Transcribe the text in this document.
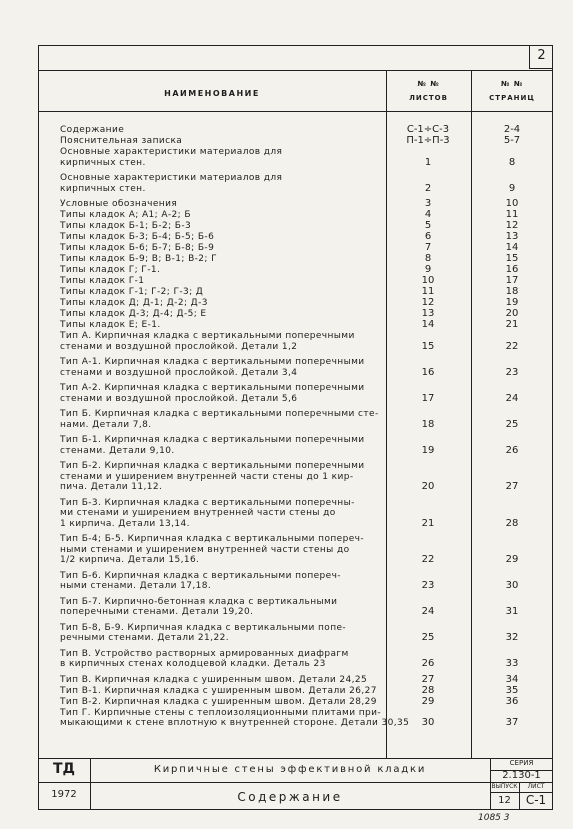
2
НАИМЕНОВАНИЕ
№ №
ЛИСТОВ
№ №
СТРАНИЦ
Содержание	С-1÷С-3	2-4
Пояснительная записка	П-1÷П-3	5-7
Основные характеристики материалов для
кирпичных стен.	1	8
Основные характеристики материалов для
кирпичных стен.	2	9
Условные обозначения	3	10
Типы кладок А; А1; А-2; Б	4	11
Типы кладок Б-1; Б-2; Б-3	5	12
Типы кладок Б-3; Б-4; Б-5; Б-6	6	13
Типы кладок Б-6; Б-7; Б-8; Б-9	7	14
Типы кладок Б-9; В; В-1; В-2; Г	8	15
Типы кладок Г; Г-1.	9	16
Типы кладок Г-1	10	17
Типы кладок Г-1; Г-2; Г-3; Д	11	18
Типы кладок Д; Д-1; Д-2; Д-3	12	19
Типы кладок Д-3; Д-4; Д-5; Е	13	20
Типы кладок Е; Е-1.	14	21
Тип А. Кирпичная кладка с вертикальными поперечными
стенами и воздушной прослойкой. Детали 1,2	15	22
Тип А-1. Кирпичная кладка с вертикальными поперечными
стенами и воздушной прослойкой. Детали 3,4	16	23
Тип А-2. Кирпичная кладка с вертикальными поперечными
стенами и воздушной прослойкой. Детали 5,6	17	24
Тип Б. Кирпичная кладка с вертикальными поперечными сте-
нами. Детали 7,8.	18	25
Тип Б-1. Кирпичная кладка с вертикальными поперечными
стенами. Детали 9,10.	19	26
Тип Б-2. Кирпичная кладка с вертикальными поперечными
стенами и уширением внутренней части стены до 1 кир-
пича. Детали 11,12.	20	27
Тип Б-3. Кирпичная кладка с вертикальными поперечны-
ми стенами и уширением внутренней части стены до
1 кирпича. Детали 13,14.	21	28
Тип Б-4; Б-5. Кирпичная кладка с вертикальными попереч-
ными стенами и уширением внутренней части стены до
1/2 кирпича. Детали 15,16.	22	29
Тип Б-6. Кирпичная кладка с вертикальными попереч-
ными стенами. Детали 17,18.	23	30
Тип Б-7. Кирпично-бетонная кладка с вертикальными
поперечными стенами. Детали 19,20.	24	31
Тип Б-8, Б-9. Кирпичная кладка с вертикальными попе-
речными стенами. Детали 21,22.	25	32
Тип В. Устройство растворных армированных диафрагм
в кирпичных стенах колодцевой кладки. Деталь 23	26	33
Тип В. Кирпичная кладка с уширенным швом. Детали 24,25	27	34
Тип В-1. Кирпичная кладка с уширенным швом. Детали 26,27	28	35
Тип В-2. Кирпичная кладка с уширенным швом. Детали 28,29	29	36
Тип Г. Кирпичные стены с теплоизоляционными плитами при-
мыкающими к стене вплотную к внутренней стороне. Детали 30,35	30	37
ТД
1972
Кирпичные стены эффективной кладки
Содержание
СЕРИЯ
2.130-1
ВЫПУСК	ЛИСТ
12	С-1
1085 3
